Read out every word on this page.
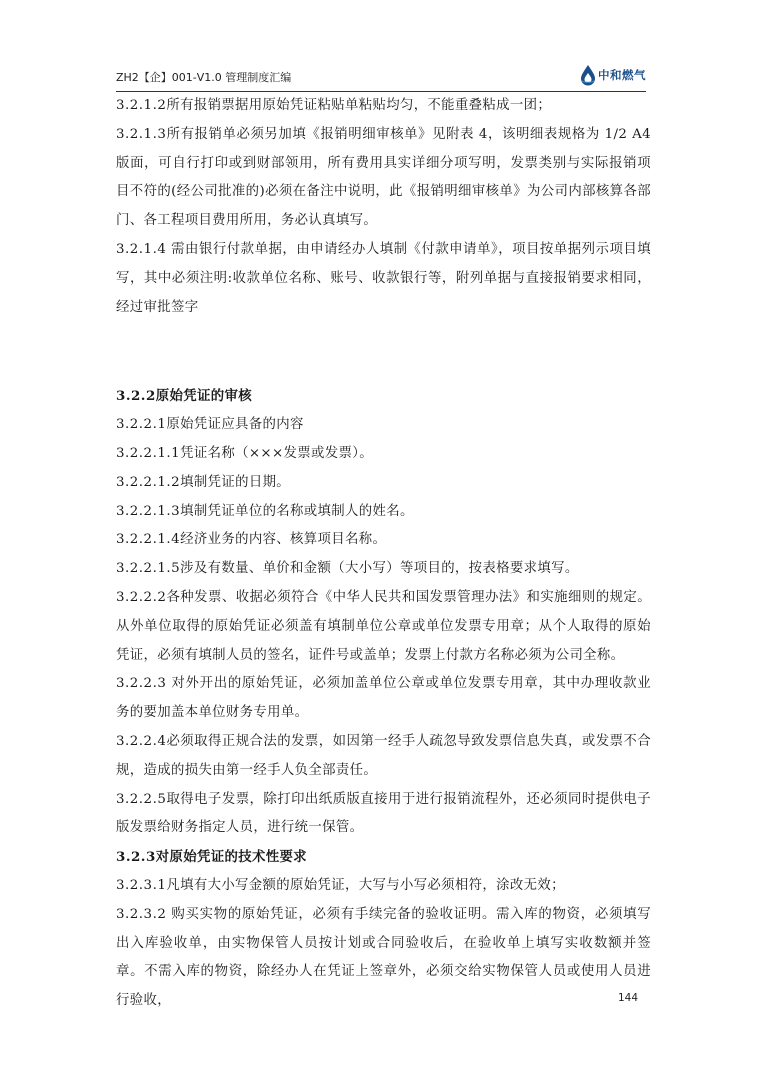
ZH2【企】001-V1.0 管理制度汇编	中和燃气

3.2.1.2所有报销票据用原始凭证粘贴单粘贴均匀，不能重叠粘成一团；

3.2.1.3所有报销单必须另加填《报销明细审核单》见附表 4，该明细表规格为 1/2 A4 版面，可自行打印或到财部领用，所有费用具实详细分项写明，发票类别与实际报销项目不符的(经公司批准的)必须在备注中说明，此《报销明细审核单》为公司内部核算各部门、各工程项目费用所用，务必认真填写。

3.2.1.4 需由银行付款单据，由申请经办人填制《付款申请单》，项目按单据列示项目填写，其中必须注明:收款单位名称、账号、收款银行等，附列单据与直接报销要求相同，经过审批签字

3.2.2原始凭证的审核

3.2.2.1原始凭证应具备的内容

3.2.2.1.1凭证名称（×××发票或发票）。

3.2.2.1.2填制凭证的日期。

3.2.2.1.3填制凭证单位的名称或填制人的姓名。

3.2.2.1.4经济业务的内容、核算项目名称。

3.2.2.1.5涉及有数量、单价和金额（大小写）等项目的，按表格要求填写。

3.2.2.2各种发票、收据必须符合《中华人民共和国发票管理办法》和实施细则的规定。从外单位取得的原始凭证必须盖有填制单位公章或单位发票专用章；从个人取得的原始凭证，必须有填制人员的签名，证件号或盖单；发票上付款方名称必须为公司全称。

3.2.2.3 对外开出的原始凭证，必须加盖单位公章或单位发票专用章，其中办理收款业务的要加盖本单位财务专用单。

3.2.2.4必须取得正规合法的发票，如因第一经手人疏忽导致发票信息失真，或发票不合规，造成的损失由第一经手人负全部责任。

3.2.2.5取得电子发票，除打印出纸质版直接用于进行报销流程外，还必须同时提供电子版发票给财务指定人员，进行统一保管。

3.2.3对原始凭证的技术性要求

3.2.3.1凡填有大小写金额的原始凭证，大写与小写必须相符，涂改无效；

3.2.3.2 购买实物的原始凭证，必须有手续完备的验收证明。需入库的物资，必须填写出入库验收单，由实物保管人员按计划或合同验收后，在验收单上填写实收数额并签章。不需入库的物资，除经办人在凭证上签章外，必须交给实物保管人员或使用人员进行验收，	144
